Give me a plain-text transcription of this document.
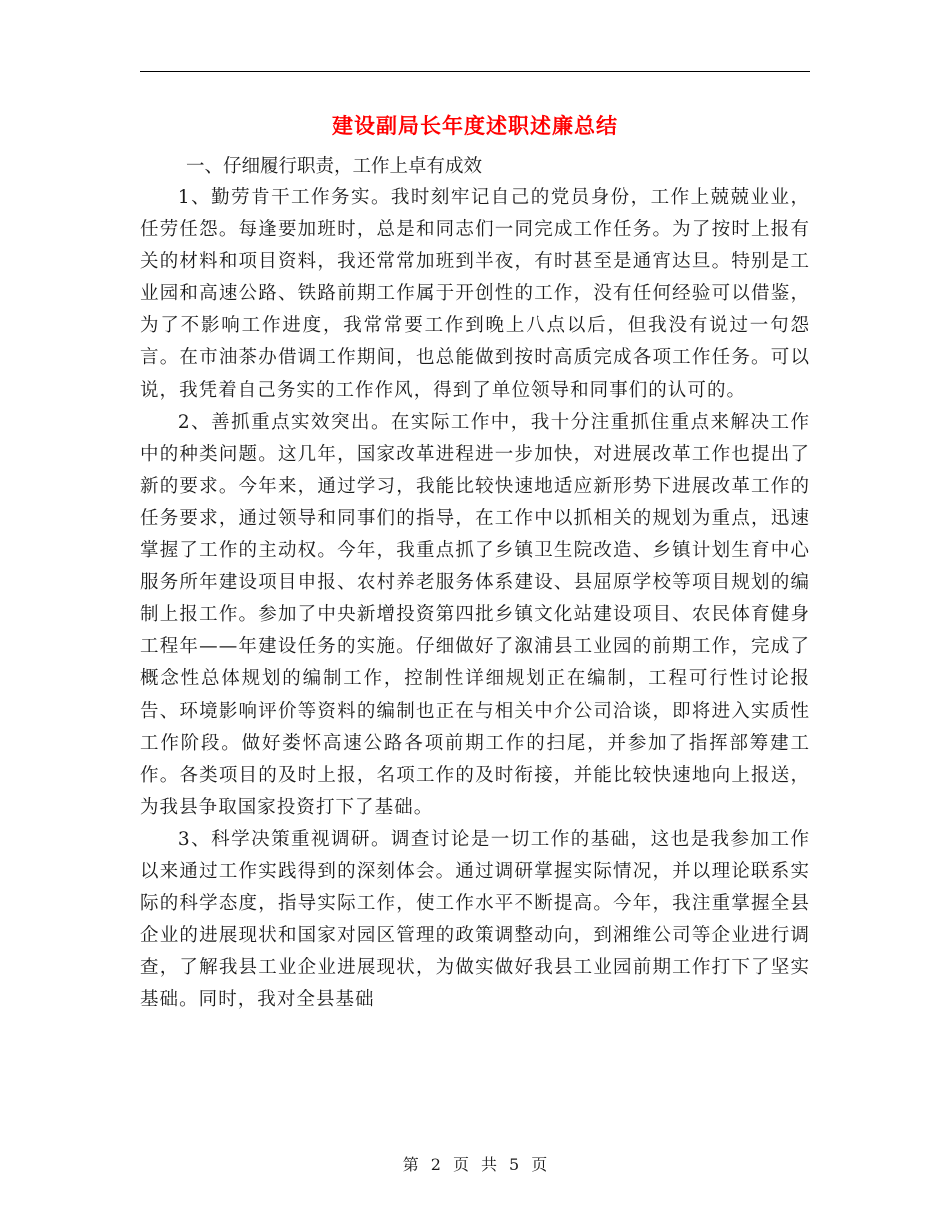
建设副局长年度述职述廉总结
一、仔细履行职责，工作上卓有成效

1、勤劳肯干工作务实。我时刻牢记自己的党员身份，工作上兢兢业业，任劳任怨。每逢要加班时，总是和同志们一同完成工作任务。为了按时上报有关的材料和项目资料，我还常常加班到半夜，有时甚至是通宵达旦。特别是工业园和高速公路、铁路前期工作属于开创性的工作，没有任何经验可以借鉴，为了不影响工作进度，我常常要工作到晚上八点以后，但我没有说过一句怨言。在市油茶办借调工作期间，也总能做到按时高质完成各项工作任务。可以说，我凭着自己务实的工作作风，得到了单位领导和同事们的认可的。

2、善抓重点实效突出。在实际工作中，我十分注重抓住重点来解决工作中的种类问题。这几年，国家改革进程进一步加快，对进展改革工作也提出了新的要求。今年来，通过学习，我能比较快速地适应新形势下进展改革工作的任务要求，通过领导和同事们的指导，在工作中以抓相关的规划为重点，迅速掌握了工作的主动权。今年，我重点抓了乡镇卫生院改造、乡镇计划生育中心服务所年建设项目申报、农村养老服务体系建设、县屈原学校等项目规划的编制上报工作。参加了中央新增投资第四批乡镇文化站建设项目、农民体育健身工程年——年建设任务的实施。仔细做好了溆浦县工业园的前期工作，完成了概念性总体规划的编制工作，控制性详细规划正在编制，工程可行性讨论报告、环境影响评价等资料的编制也正在与相关中介公司洽谈，即将进入实质性工作阶段。做好娄怀高速公路各项前期工作的扫尾，并参加了指挥部筹建工作。各类项目的及时上报，名项工作的及时衔接，并能比较快速地向上报送，为我县争取国家投资打下了基础。

3、科学决策重视调研。调查讨论是一切工作的基础，这也是我参加工作以来通过工作实践得到的深刻体会。通过调研掌握实际情况，并以理论联系实际的科学态度，指导实际工作，使工作水平不断提高。今年，我注重掌握全县企业的进展现状和国家对园区管理的政策调整动向，到湘维公司等企业进行调查，了解我县工业企业进展现状，为做实做好我县工业园前期工作打下了坚实基础。同时，我对全县基础

第 2 页 共 5 页
